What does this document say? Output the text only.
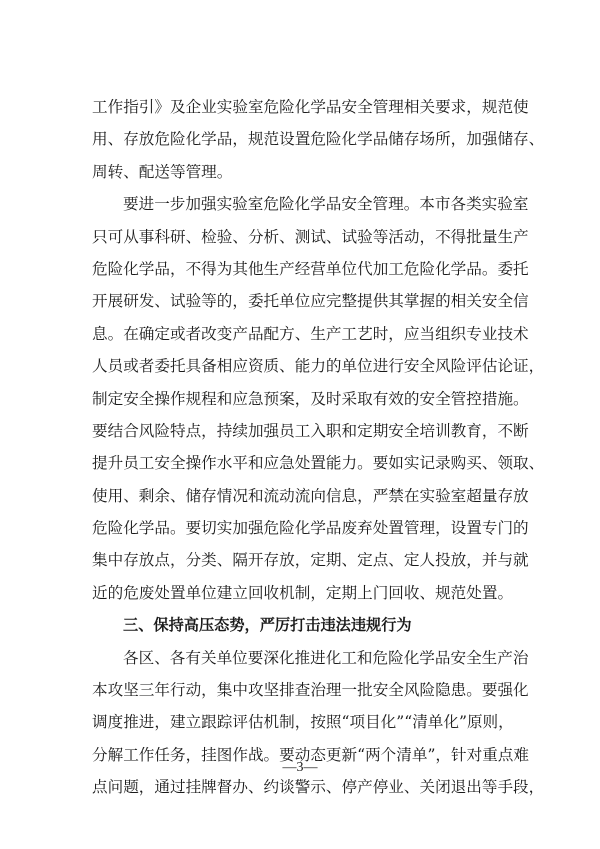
工作指引》及企业实验室危险化学品安全管理相关要求，规范使
用、存放危险化学品，规范设置危险化学品储存场所，加强储存、
周转、配送等管理。
要进一步加强实验室危险化学品安全管理。本市各类实验室
只可从事科研、检验、分析、测试、试验等活动，不得批量生产
危险化学品，不得为其他生产经营单位代加工危险化学品。委托
开展研发、试验等的，委托单位应完整提供其掌握的相关安全信
息。在确定或者改变产品配方、生产工艺时，应当组织专业技术
人员或者委托具备相应资质、能力的单位进行安全风险评估论证，
制定安全操作规程和应急预案，及时采取有效的安全管控措施。
要结合风险特点，持续加强员工入职和定期安全培训教育，不断
提升员工安全操作水平和应急处置能力。要如实记录购买、领取、
使用、剩余、储存情况和流动流向信息，严禁在实验室超量存放
危险化学品。要切实加强危险化学品废弃处置管理，设置专门的
集中存放点，分类、隔开存放，定期、定点、定人投放，并与就
近的危废处置单位建立回收机制，定期上门回收、规范处置。
三、保持高压态势，严厉打击违法违规行为
各区、各有关单位要深化推进化工和危险化学品安全生产治
本攻坚三年行动，集中攻坚排查治理一批安全风险隐患。要强化
调度推进，建立跟踪评估机制，按照“项目化”“清单化”原则，
分解工作任务，挂图作战。要动态更新“两个清单”，针对重点难
点问题，通过挂牌督办、约谈警示、停产停业、关闭退出等手段，
—3—
